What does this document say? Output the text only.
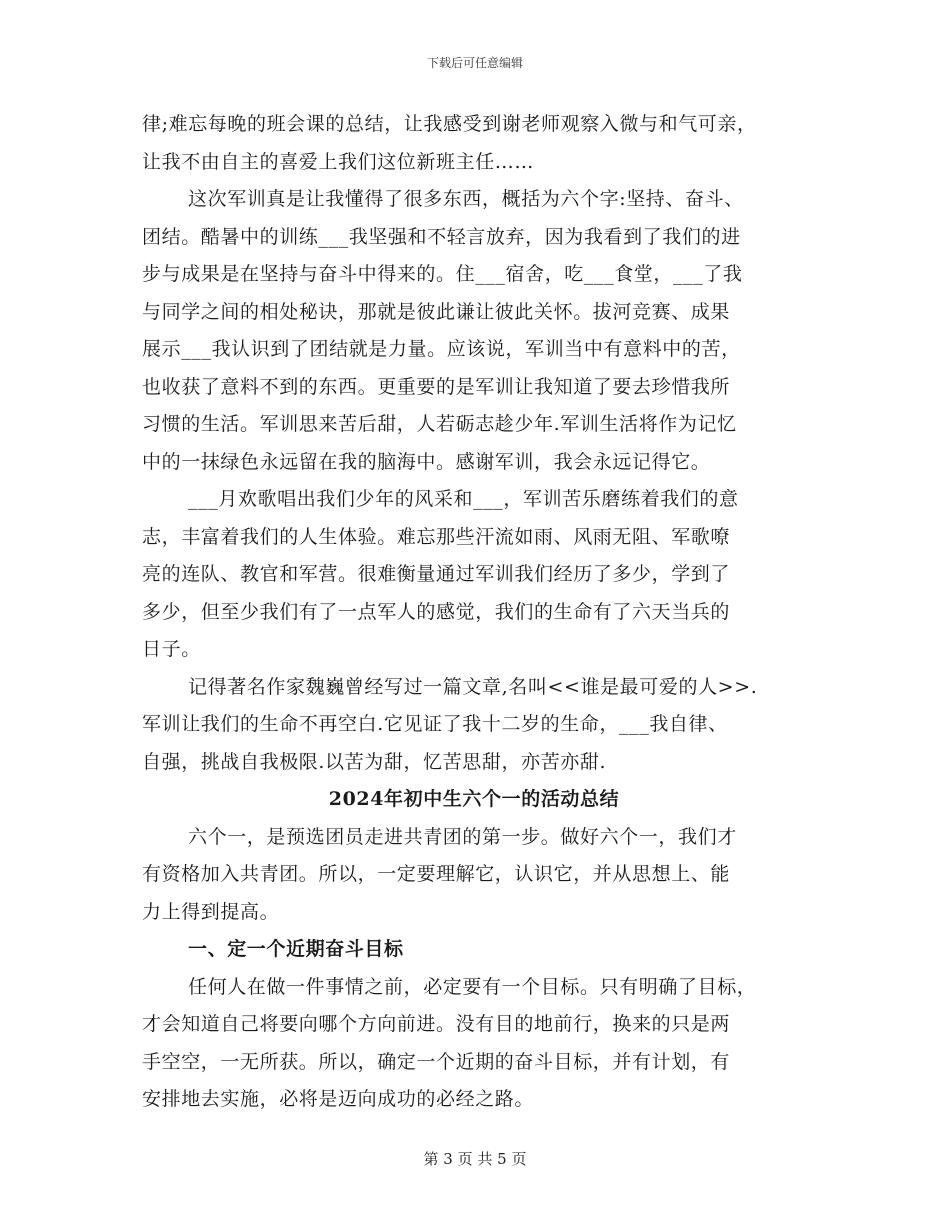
下载后可任意编辑
律;难忘每晚的班会课的总结，让我感受到谢老师观察入微与和气可亲，
让我不由自主的喜爱上我们这位新班主任……
这次军训真是让我懂得了很多东西，概括为六个字:坚持、奋斗、
团结。酷暑中的训练___我坚强和不轻言放弃，因为我看到了我们的进
步与成果是在坚持与奋斗中得来的。住___宿舍，吃___食堂，___了我
与同学之间的相处秘诀，那就是彼此谦让彼此关怀。拔河竞赛、成果
展示___我认识到了团结就是力量。应该说，军训当中有意料中的苦，
也收获了意料不到的东西。更重要的是军训让我知道了要去珍惜我所
习惯的生活。军训思来苦后甜，人若砺志趁少年.军训生活将作为记忆
中的一抹绿色永远留在我的脑海中。感谢军训，我会永远记得它。
___月欢歌唱出我们少年的风采和___，军训苦乐磨练着我们的意
志，丰富着我们的人生体验。难忘那些汗流如雨、风雨无阻、军歌嘹
亮的连队、教官和军营。很难衡量通过军训我们经历了多少，学到了
多少，但至少我们有了一点军人的感觉，我们的生命有了六天当兵的
日子。
记得著名作家魏巍曾经写过一篇文章,名叫<<谁是最可爱的人>>.
军训让我们的生命不再空白.它见证了我十二岁的生命，___我自律、
自强，挑战自我极限.以苦为甜，忆苦思甜，亦苦亦甜.
2024年初中生六个一的活动总结
六个一，是预选团员走进共青团的第一步。做好六个一，我们才
有资格加入共青团。所以，一定要理解它，认识它，并从思想上、能
力上得到提高。
一、定一个近期奋斗目标
任何人在做一件事情之前，必定要有一个目标。只有明确了目标，
才会知道自己将要向哪个方向前进。没有目的地前行，换来的只是两
手空空，一无所获。所以，确定一个近期的奋斗目标，并有计划，有
安排地去实施，必将是迈向成功的必经之路。
第 3 页 共 5 页
